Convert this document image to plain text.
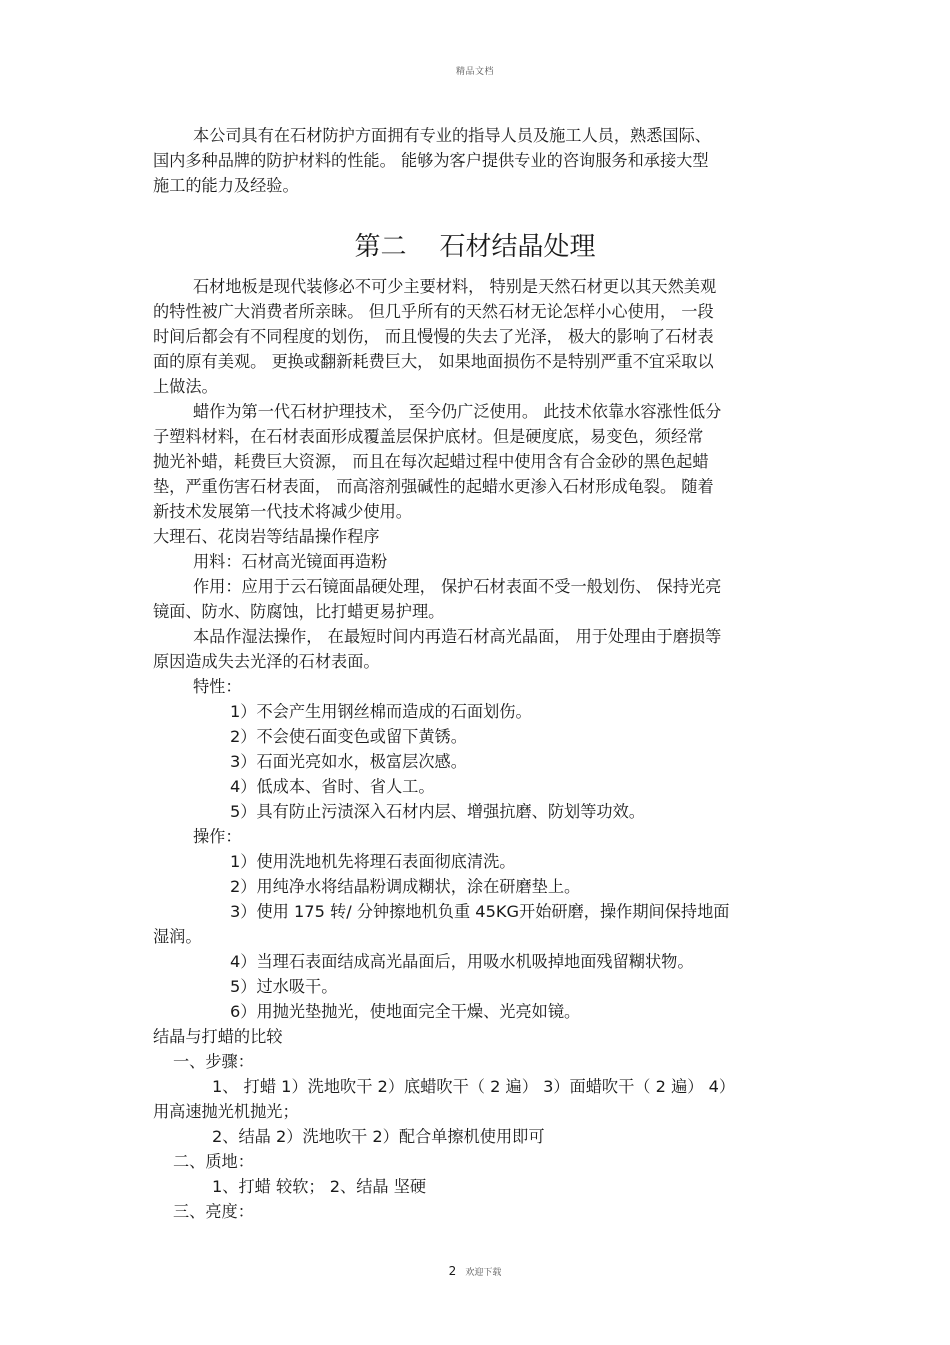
精品文档
本公司具有在石材防护方面拥有专业的指导人员及施工人员，熟悉国际、
国内多种品牌的防护材料的性能。 能够为客户提供专业的咨询服务和承接大型
施工的能力及经验。
第二    石材结晶处理
石材地板是现代装修必不可少主要材料， 特别是天然石材更以其天然美观
的特性被广大消费者所亲睐。 但几乎所有的天然石材无论怎样小心使用， 一段
时间后都会有不同程度的划伤， 而且慢慢的失去了光泽， 极大的影响了石材表
面的原有美观。 更换或翻新耗费巨大， 如果地面损伤不是特别严重不宜采取以
上做法。
蜡作为第一代石材护理技术， 至今仍广泛使用。 此技术依靠水容涨性低分
子塑料材料，在石材表面形成覆盖层保护底材。但是硬度底，易变色，须经常
抛光补蜡，耗费巨大资源， 而且在每次起蜡过程中使用含有合金砂的黑色起蜡
垫，严重伤害石材表面， 而高溶剂强碱性的起蜡水更渗入石材形成龟裂。 随着
新技术发展第一代技术将减少使用。
大理石、花岗岩等结晶操作程序
用料：石材高光镜面再造粉
作用：应用于云石镜面晶硬处理， 保护石材表面不受一般划伤、 保持光亮
镜面、防水、防腐蚀，比打蜡更易护理。
本品作湿法操作， 在最短时间内再造石材高光晶面， 用于处理由于磨损等
原因造成失去光泽的石材表面。
特性：
1）不会产生用钢丝棉而造成的石面划伤。
2）不会使石面变色或留下黄锈。
3）石面光亮如水，极富层次感。
4）低成本、省时、省人工。
5）具有防止污渍深入石材内层、增强抗磨、防划等功效。
操作：
1）使用洗地机先将理石表面彻底清洗。
2）用纯净水将结晶粉调成糊状，涂在研磨垫上。
3）使用 175 转/ 分钟擦地机负重 45KG开始研磨，操作期间保持地面
湿润。
4）当理石表面结成高光晶面后，用吸水机吸掉地面残留糊状物。
5）过水吸干。
6）用抛光垫抛光，使地面完全干燥、光亮如镜。
结晶与打蜡的比较
一、步骤：
1、 打蜡 1）洗地吹干 2）底蜡吹干（ 2 遍） 3）面蜡吹干（ 2 遍） 4）
用高速抛光机抛光；
2、结晶 2）洗地吹干 2）配合单擦机使用即可
二、质地：
1、打蜡 较软； 2、结晶 坚硬
三、亮度：
2 欢迎下载
